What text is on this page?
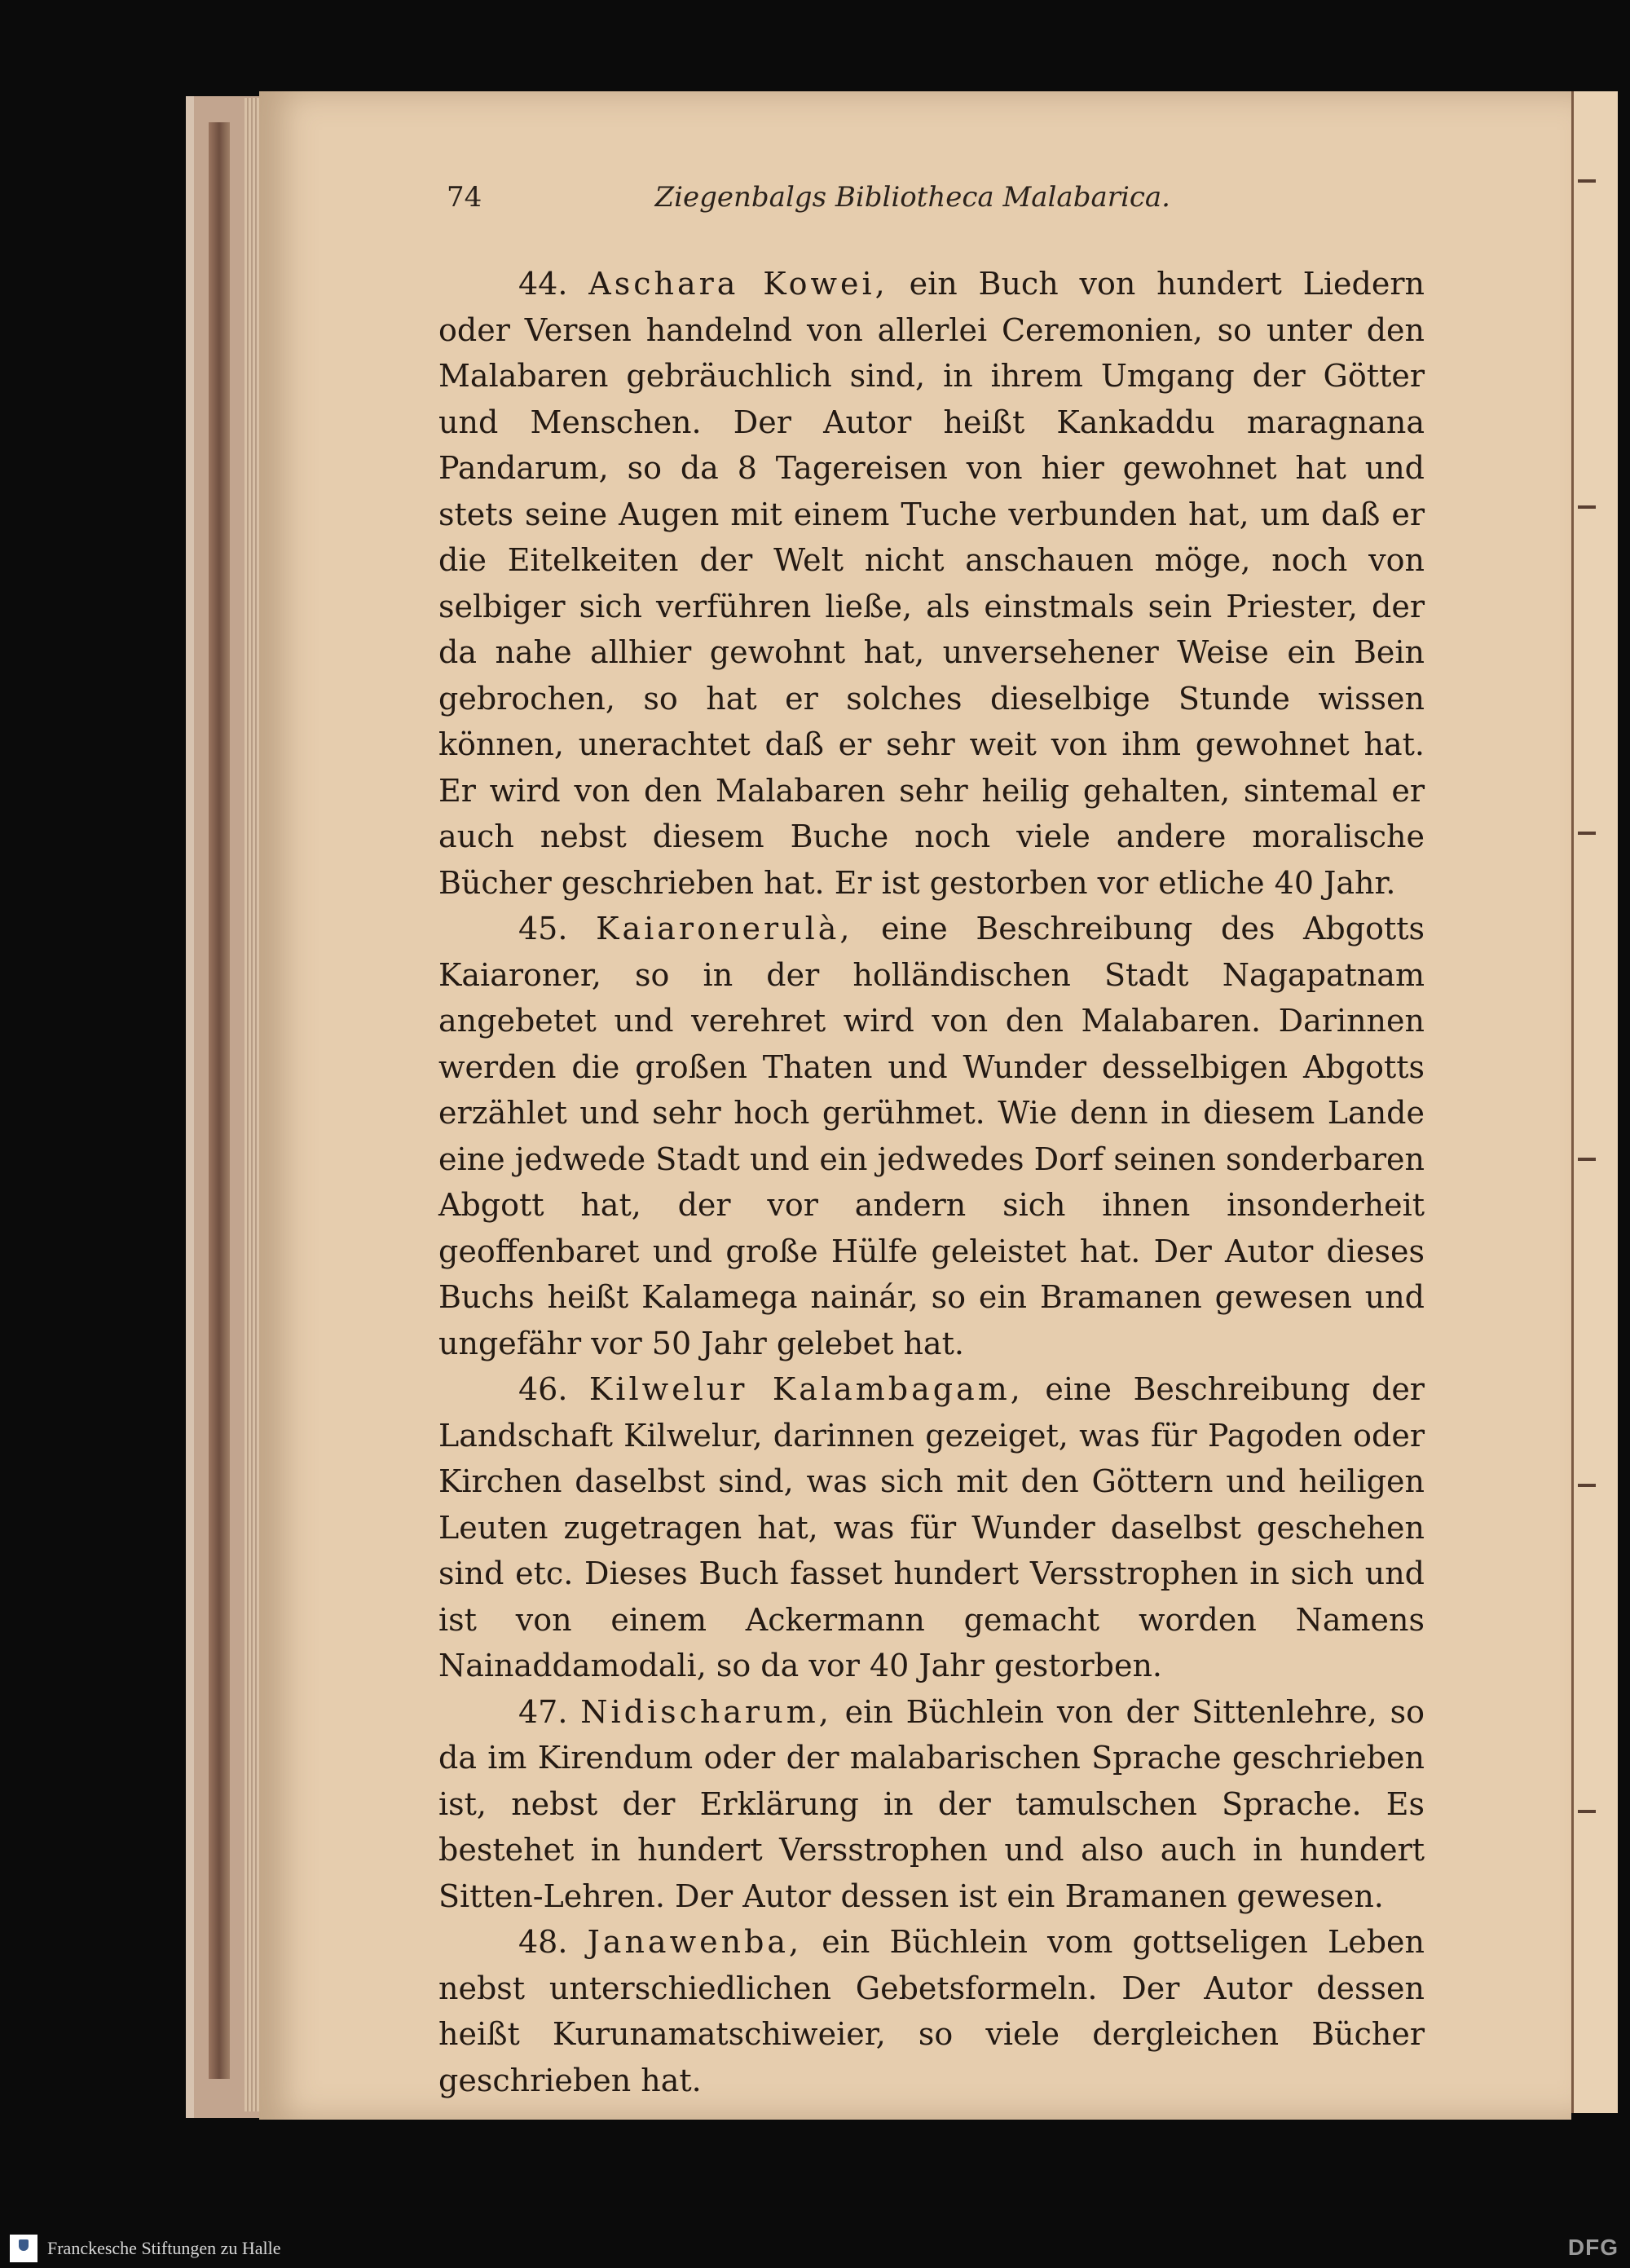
74	Ziegenbalgs Bibliotheca Malabarica.

44. Aschara Kowei, ein Buch von hundert Liedern oder Versen handelnd von allerlei Ceremonien, so unter den Malabaren gebräuchlich sind, in ihrem Umgang der Götter und Menschen. Der Autor heißt Kankaddu maragnana Pandarum, so da 8 Tagereisen von hier gewohnet hat und stets seine Augen mit einem Tuche verbunden hat, um daß er die Eitelkeiten der Welt nicht anschauen möge, noch von selbiger sich verführen ließe, als einstmals sein Priester, der da nahe allhier gewohnt hat, unversehener Weise ein Bein gebrochen, so hat er solches dieselbige Stunde wissen können, unerachtet daß er sehr weit von ihm gewohnet hat. Er wird von den Malabaren sehr heilig gehalten, sintemal er auch nebst diesem Buche noch viele andere moralische Bücher geschrieben hat. Er ist gestorben vor etliche 40 Jahr.

45. Kaiaronerulà, eine Beschreibung des Abgotts Kaiaroner, so in der holländischen Stadt Nagapatnam angebetet und verehret wird von den Malabaren. Darinnen werden die großen Thaten und Wunder desselbigen Abgotts erzählet und sehr hoch gerühmet. Wie denn in diesem Lande eine jedwede Stadt und ein jedwedes Dorf seinen sonderbaren Abgott hat, der vor andern sich ihnen insonderheit geoffenbaret und große Hülfe geleistet hat. Der Autor dieses Buchs heißt Kalamega nainár, so ein Bramanen gewesen und ungefähr vor 50 Jahr gelebet hat.

46. Kilwelur Kalambagam, eine Beschreibung der Landschaft Kilwelur, darinnen gezeiget, was für Pagoden oder Kirchen daselbst sind, was sich mit den Göttern und heiligen Leuten zugetragen hat, was für Wunder daselbst geschehen sind etc. Dieses Buch fasset hundert Versstrophen in sich und ist von einem Ackermann gemacht worden Namens Nainaddamodali, so da vor 40 Jahr gestorben.

47. Nidischarum, ein Büchlein von der Sittenlehre, so da im Kirendum oder der malabarischen Sprache geschrieben ist, nebst der Erklärung in der tamulschen Sprache. Es bestehet in hundert Versstrophen und also auch in hundert Sitten-Lehren. Der Autor dessen ist ein Bramanen gewesen.

48. Janawenba, ein Büchlein vom gottseligen Leben nebst unterschiedlichen Gebetsformeln. Der Autor dessen heißt Kurunamatschiweier, so viele dergleichen Bücher geschrieben hat.

Franckesche Stiftungen zu Halle	DFG
